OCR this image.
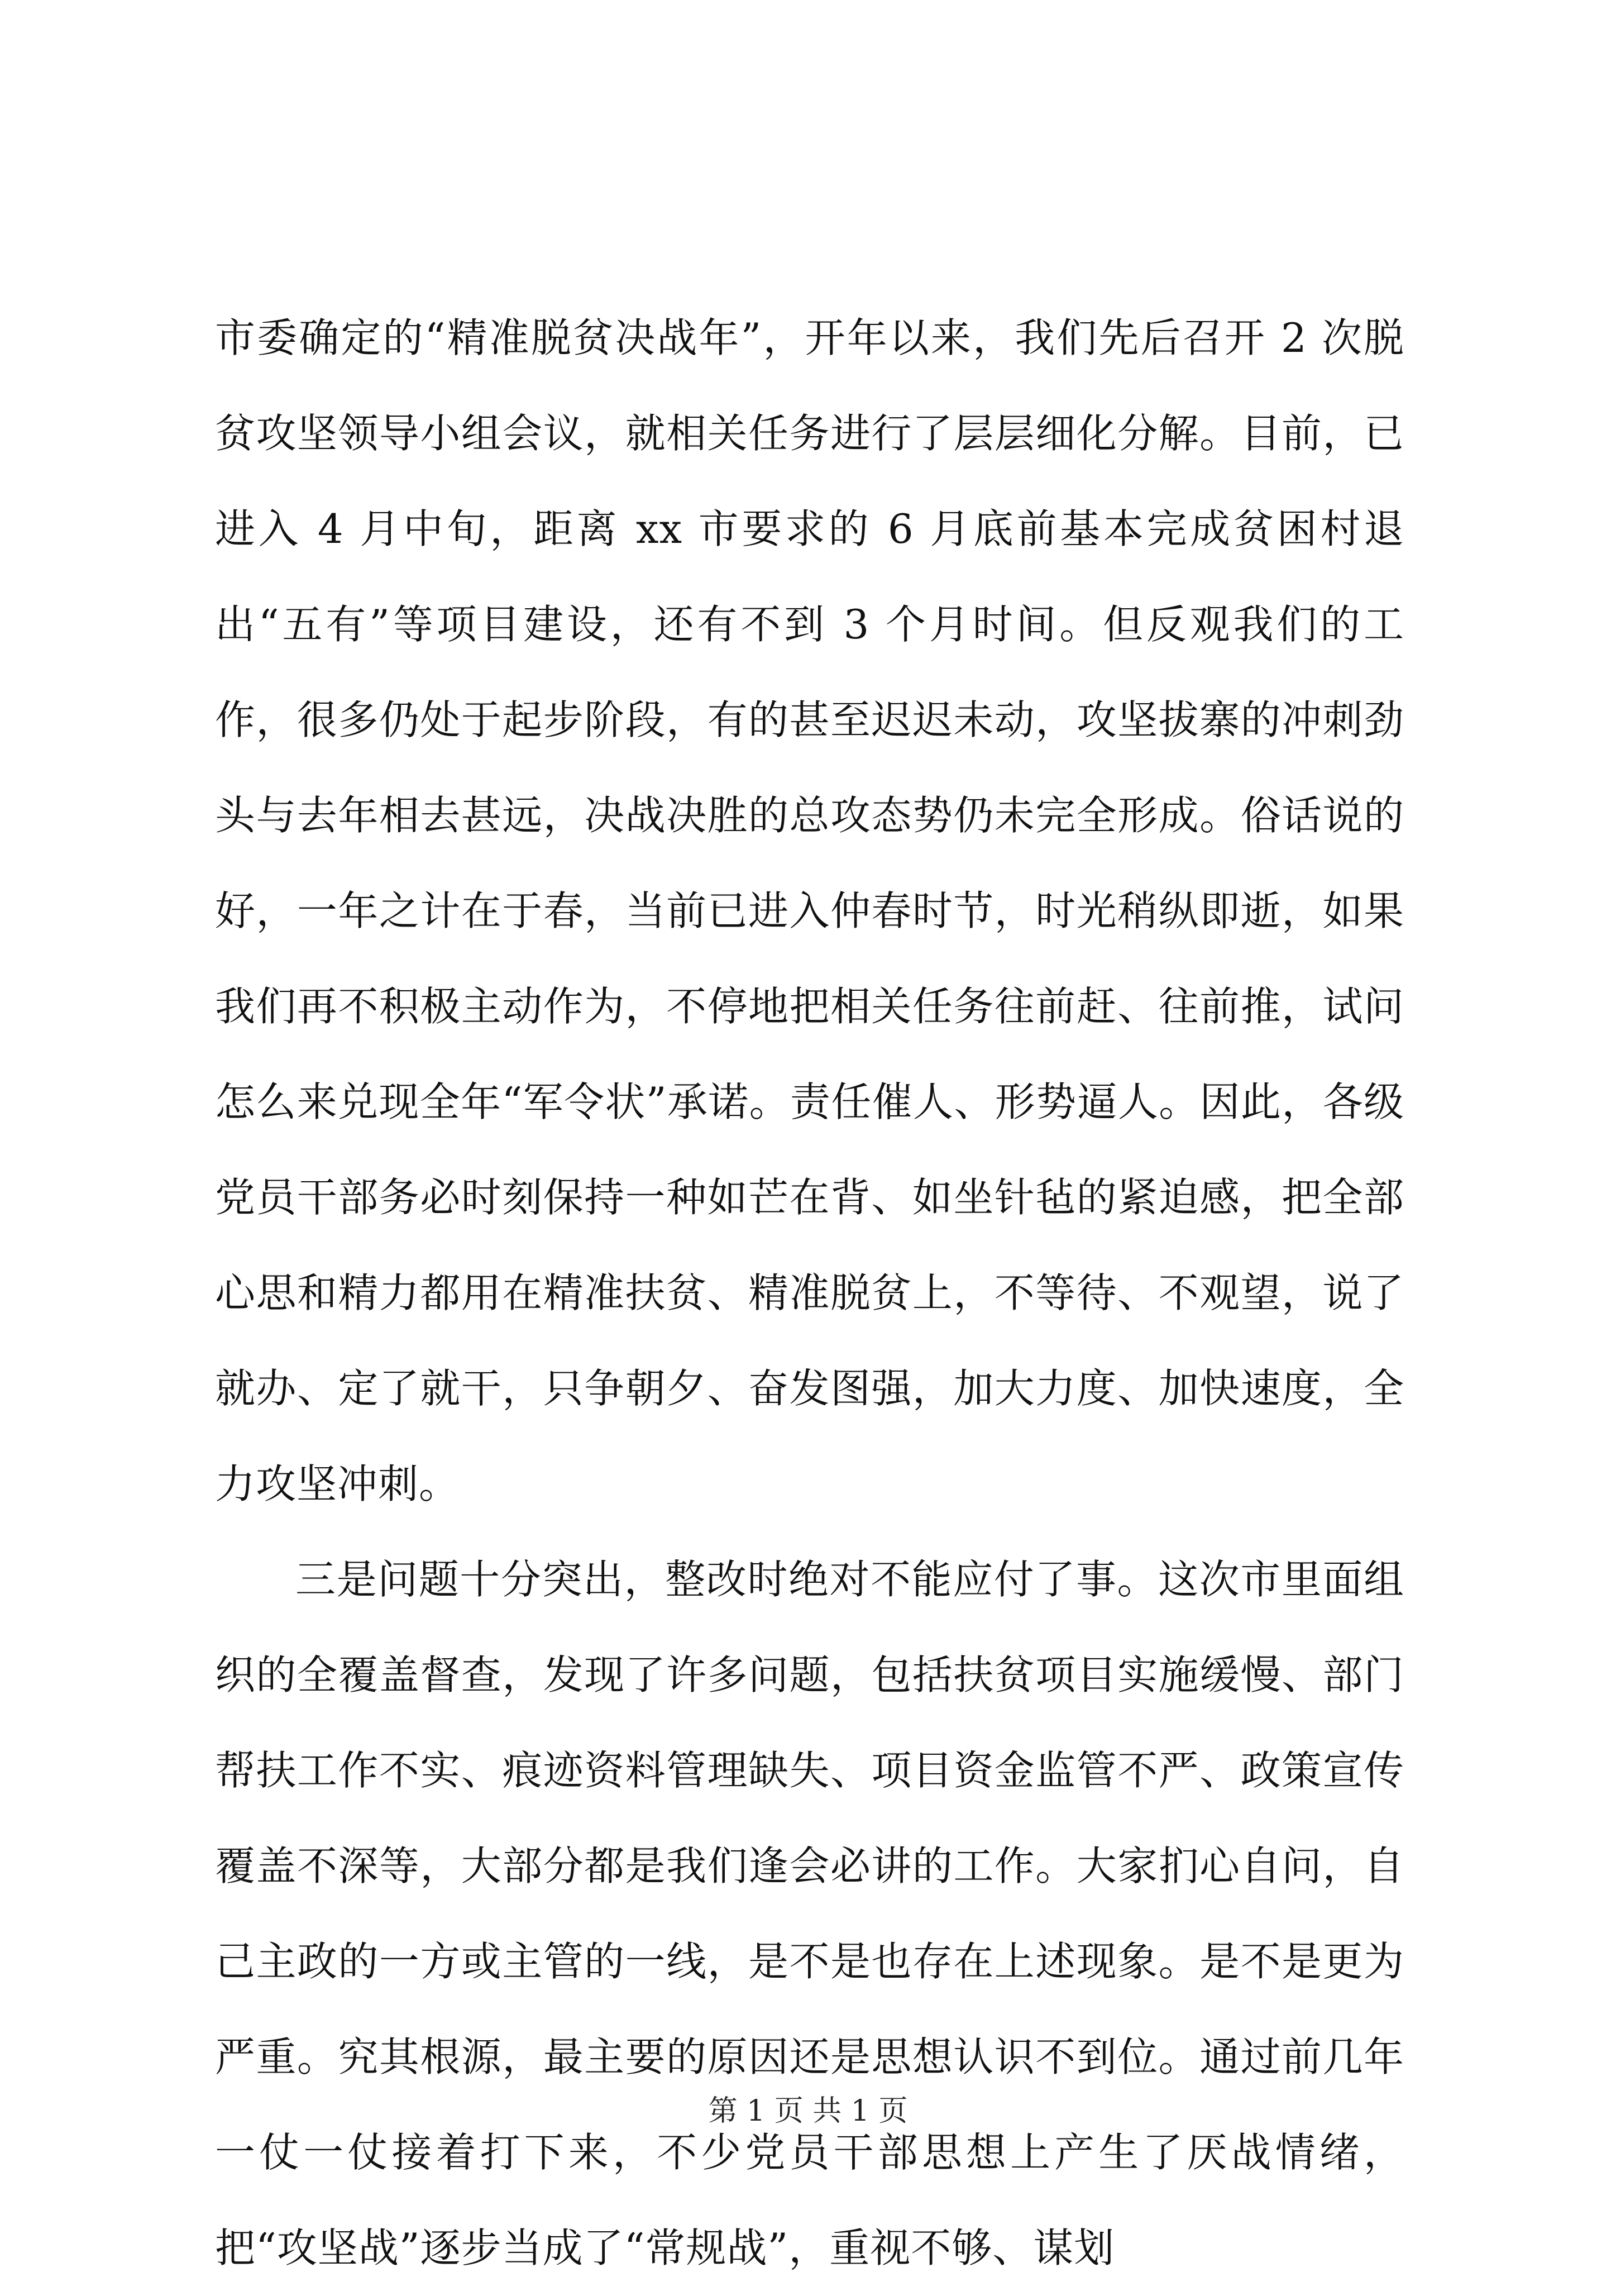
市委确定的“精准脱贫决战年”，开年以来，我们先后召开 2 次脱贫攻坚领导小组会议，就相关任务进行了层层细化分解。目前，已进入 4 月中旬，距离 xx 市要求的 6 月底前基本完成贫困村退出“五有”等项目建设，还有不到 3 个月时间。但反观我们的工作，很多仍处于起步阶段，有的甚至迟迟未动，攻坚拔寨的冲刺劲头与去年相去甚远，决战决胜的总攻态势仍未完全形成。俗话说的好，一年之计在于春，当前已进入仲春时节，时光稍纵即逝，如果我们再不积极主动作为，不停地把相关任务往前赶、往前推，试问怎么来兑现全年“军令状”承诺。责任催人、形势逼人。因此，各级党员干部务必时刻保持一种如芒在背、如坐针毡的紧迫感，把全部心思和精力都用在精准扶贫、精准脱贫上，不等待、不观望，说了就办、定了就干，只争朝夕、奋发图强，加大力度、加快速度，全力攻坚冲刺。

三是问题十分突出，整改时绝对不能应付了事。这次市里面组织的全覆盖督查，发现了许多问题，包括扶贫项目实施缓慢、部门帮扶工作不实、痕迹资料管理缺失、项目资金监管不严、政策宣传覆盖不深等，大部分都是我们逢会必讲的工作。大家扪心自问，自己主政的一方或主管的一线，是不是也存在上述现象。是不是更为严重。究其根源，最主要的原因还是思想认识不到位。通过前几年一仗一仗接着打下来，不少党员干部思想上产生了厌战情绪，把“攻坚战”逐步当成了“常规战”，重视不够、谋划

第 1 页 共 1 页
